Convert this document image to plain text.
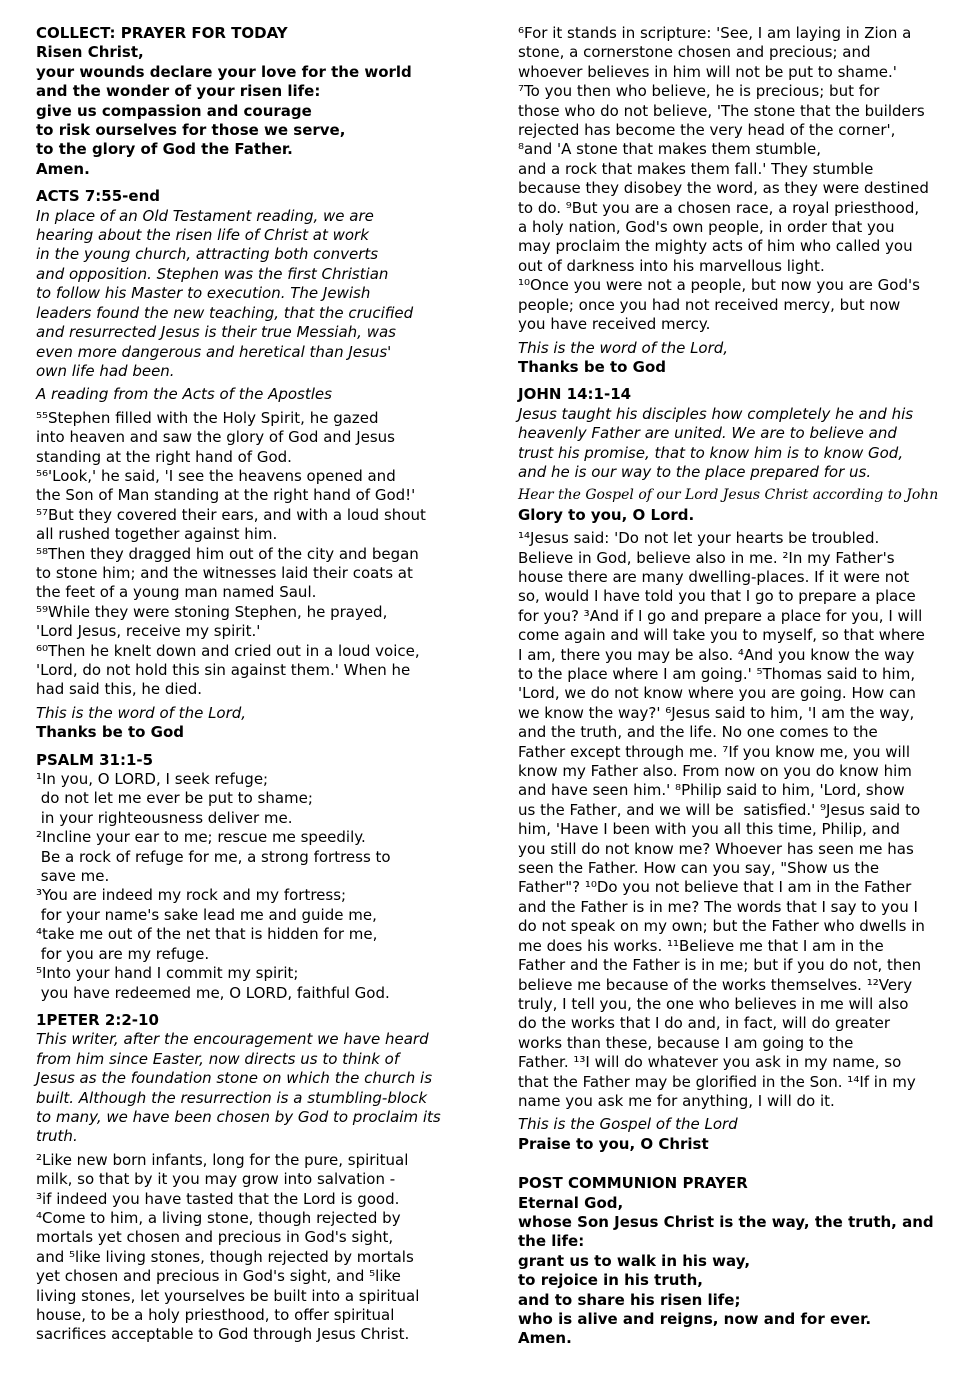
COLLECT: PRAYER FOR TODAY
Risen Christ,
your wounds declare your love for the world
and the wonder of your risen life:
give us compassion and courage
to risk ourselves for those we serve,
to the glory of God the Father.
Amen.
ACTS 7:55-end
In place of an Old Testament reading, we are
hearing about the risen life of Christ at work
in the young church, attracting both converts
and opposition. Stephen was the first Christian
to follow his Master to execution. The Jewish
leaders found the new teaching, that the crucified
and resurrected Jesus is their true Messiah, was
even more dangerous and heretical than Jesus'
own life had been.
A reading from the Acts of the Apostles
⁵⁵Stephen filled with the Holy Spirit, he gazed
into heaven and saw the glory of God and Jesus
standing at the right hand of God.
⁵⁶'Look,' he said, 'I see the heavens opened and
the Son of Man standing at the right hand of God!'
⁵⁷But they covered their ears, and with a loud shout
all rushed together against him.
⁵⁸Then they dragged him out of the city and began
to stone him; and the witnesses laid their coats at
the feet of a young man named Saul.
⁵⁹While they were stoning Stephen, he prayed,
'Lord Jesus, receive my spirit.'
⁶⁰Then he knelt down and cried out in a loud voice,
'Lord, do not hold this sin against them.' When he
had said this, he died.
This is the word of the Lord,
Thanks be to God
PSALM 31:1-5
¹In you, O LORD, I seek refuge;
do not let me ever be put to shame;
in your righteousness deliver me.
²Incline your ear to me; rescue me speedily.
Be a rock of refuge for me, a strong fortress to
save me.
³You are indeed my rock and my fortress;
for your name's sake lead me and guide me,
⁴take me out of the net that is hidden for me,
for you are my refuge.
⁵Into your hand I commit my spirit;
you have redeemed me, O LORD, faithful God.
1PETER 2:2-10
This writer, after the encouragement we have heard
from him since Easter, now directs us to think of
Jesus as the foundation stone on which the church is
built. Although the resurrection is a stumbling-block
to many, we have been chosen by God to proclaim its
truth.
²Like new born infants, long for the pure, spiritual
milk, so that by it you may grow into salvation -
³if indeed you have tasted that the Lord is good.
⁴Come to him, a living stone, though rejected by
mortals yet chosen and precious in God's sight,
and ⁵like living stones, though rejected by mortals
yet chosen and precious in God's sight, and ⁵like
living stones, let yourselves be built into a spiritual
house, to be a holy priesthood, to offer spiritual
sacrifices acceptable to God through Jesus Christ.
⁶For it stands in scripture: 'See, I am laying in Zion a
stone, a cornerstone chosen and precious; and
whoever believes in him will not be put to shame.'
⁷To you then who believe, he is precious; but for
those who do not believe, 'The stone that the builders
rejected has become the very head of the corner',
⁸and 'A stone that makes them stumble,
and a rock that makes them fall.' They stumble
because they disobey the word, as they were destined
to do. ⁹But you are a chosen race, a royal priesthood,
a holy nation, God's own people, in order that you
may proclaim the mighty acts of him who called you
out of darkness into his marvellous light.
¹⁰Once you were not a people, but now you are God's
people; once you had not received mercy, but now
you have received mercy.
This is the word of the Lord,
Thanks be to God
JOHN 14:1-14
Jesus taught his disciples how completely he and his
heavenly Father are united. We are to believe and
trust his promise, that to know him is to know God,
and he is our way to the place prepared for us.
Hear the Gospel of our Lord Jesus Christ according to John
Glory to you, O Lord.
¹⁴Jesus said: 'Do not let your hearts be troubled.
Believe in God, believe also in me. ²In my Father's
house there are many dwelling-places. If it were not
so, would I have told you that I go to prepare a place
for you? ³And if I go and prepare a place for you, I will
come again and will take you to myself, so that where
I am, there you may be also. ⁴And you know the way
to the place where I am going.' ⁵Thomas said to him,
'Lord, we do not know where you are going. How can
we know the way?' ⁶Jesus said to him, 'I am the way,
and the truth, and the life. No one comes to the
Father except through me. ⁷If you know me, you will
know my Father also. From now on you do know him
and have seen him.' ⁸Philip said to him, 'Lord, show
us the Father, and we will be  satisfied.' ⁹Jesus said to
him, 'Have I been with you all this time, Philip, and
you still do not know me? Whoever has seen me has
seen the Father. How can you say, "Show us the
Father"? ¹⁰Do you not believe that I am in the Father
and the Father is in me? The words that I say to you I
do not speak on my own; but the Father who dwells in
me does his works. ¹¹Believe me that I am in the
Father and the Father is in me; but if you do not, then
believe me because of the works themselves. ¹²Very
truly, I tell you, the one who believes in me will also
do the works that I do and, in fact, will do greater
works than these, because I am going to the
Father. ¹³I will do whatever you ask in my name, so
that the Father may be glorified in the Son. ¹⁴If in my
name you ask me for anything, I will do it.
This is the Gospel of the Lord
Praise to you, O Christ
POST COMMUNION PRAYER
Eternal God,
whose Son Jesus Christ is the way, the truth, and
the life:
grant us to walk in his way,
to rejoice in his truth,
and to share his risen life;
who is alive and reigns, now and for ever.
Amen.
